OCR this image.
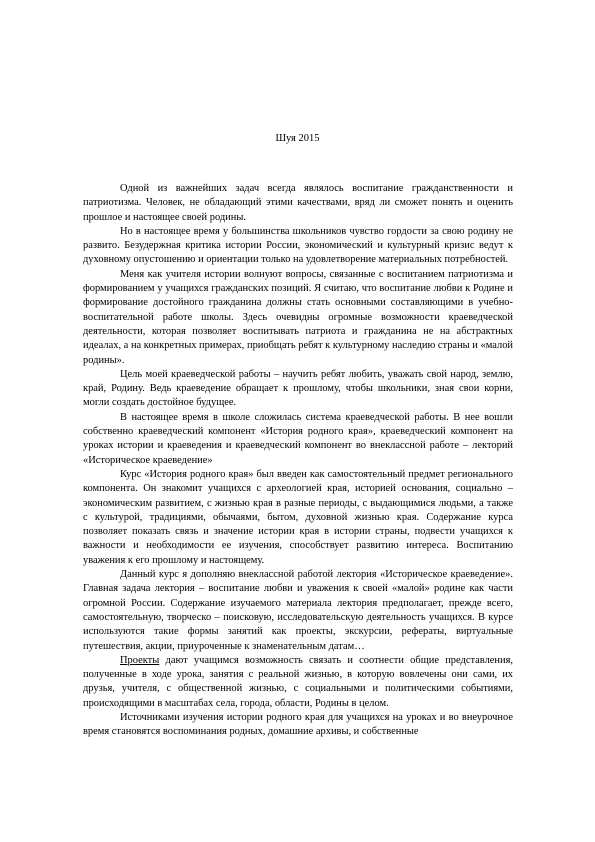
Шуя 2015

Одной из важнейших задач всегда являлось воспитание гражданственности и патриотизма. Человек, не обладающий этими качествами, вряд ли сможет понять и оценить прошлое и настоящее своей родины.

Но в настоящее время у большинства школьников чувство гордости за свою родину не развито. Безудержная критика истории России, экономический и культурный кризис ведут к духовному опустошению и ориентации только на удовлетворение материальных потребностей.

Меня как учителя истории волнуют вопросы, связанные с воспитанием патриотизма и формированием у учащихся гражданских позиций. Я считаю, что воспитание любви к Родине и формирование достойного гражданина должны стать основными составляющими в учебно-воспитательной работе школы. Здесь очевидны огромные возможности краеведческой деятельности, которая позволяет воспитывать патриота и гражданина не на абстрактных идеалах, а на конкретных примерах, приобщать ребят к культурному наследию страны и «малой родины».

Цель моей краеведческой работы – научить ребят любить, уважать свой народ, землю, край, Родину. Ведь краеведение обращает к прошлому, чтобы школьники, зная свои корни, могли создать достойное будущее.

В настоящее время в школе сложилась система краеведческой работы. В нее вошли собственно краеведческий компонент «История родного края», краеведческий компонент на уроках истории и краеведения и краеведческий компонент во внеклассной работе – лекторий «Историческое краеведение»

Курс «История родного края» был введен как самостоятельный предмет регионального компонента. Он знакомит учащихся с археологией края, историей основания, социально – экономическим развитием, с жизнью края в разные периоды, с выдающимися людьми, а также с культурой, традициями, обычаями, бытом, духовной жизнью края. Содержание курса позволяет показать связь и значение истории края в истории страны, подвести учащихся к важности и необходимости ее изучения, способствует развитию интереса. Воспитанию уважения к его прошлому и настоящему.

Данный курс я дополняю внеклассной работой лектория «Историческое краеведение». Главная задача лектория – воспитание любви и уважения к своей «малой» родине как части огромной России. Содержание изучаемого материала лектория предполагает, прежде всего, самостоятельную, творческо – поисковую, исследовательскую деятельность учащихся. В курсе используются такие формы занятий как проекты, экскурсии, рефераты, виртуальные путешествия, акции, приуроченные к знаменательным датам…

Проекты дают учащимся возможность связать и соотнести общие представления, полученные в ходе урока, занятия с реальной жизнью, в которую вовлечены они сами, их друзья, учителя, с общественной жизнью, с социальными и политическими событиями, происходящими в масштабах села, города, области, Родины в целом.

Источниками изучения истории родного края для учащихся на уроках и во внеурочное время становятся воспоминания родных, домашние архивы, и собственные
